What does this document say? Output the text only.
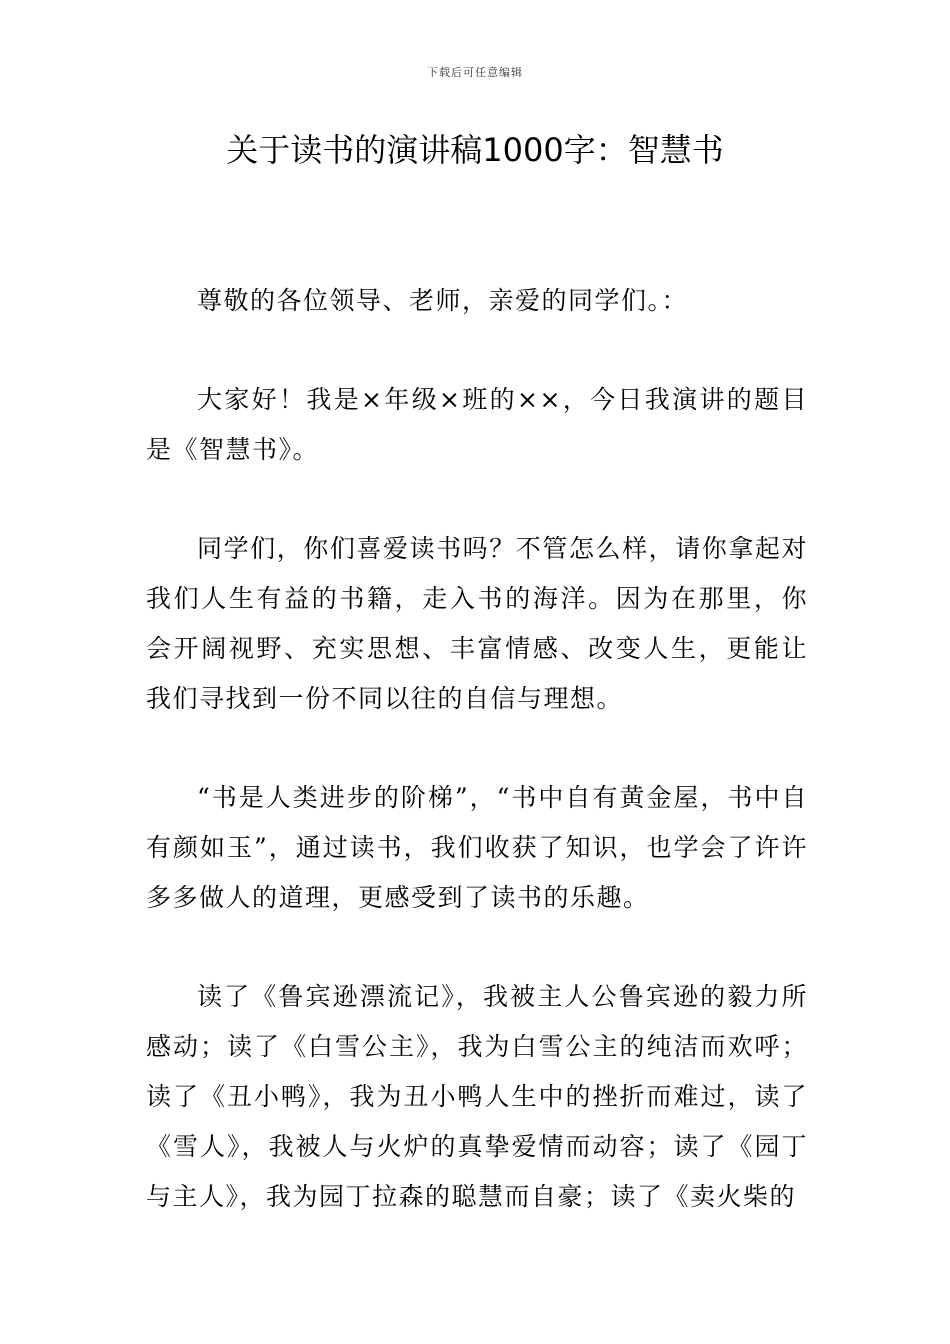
下载后可任意编辑
关于读书的演讲稿1000字：智慧书

尊敬的各位领导、老师，亲爱的同学们。：

大家好！我是×年级×班的××，今日我演讲的题目是《智慧书》。

同学们，你们喜爱读书吗？不管怎么样，请你拿起对我们人生有益的书籍，走入书的海洋。因为在那里，你会开阔视野、充实思想、丰富情感、改变人生，更能让我们寻找到一份不同以往的自信与理想。

“书是人类进步的阶梯”，“书中自有黄金屋，书中自有颜如玉”，通过读书，我们收获了知识，也学会了许许多多做人的道理，更感受到了读书的乐趣。

读了《鲁宾逊漂流记》，我被主人公鲁宾逊的毅力所感动；读了《白雪公主》，我为白雪公主的纯洁而欢呼；读了《丑小鸭》，我为丑小鸭人生中的挫折而难过，读了《雪人》，我被人与火炉的真挚爱情而动容；读了《园丁与主人》，我为园丁拉森的聪慧而自豪；读了《卖火柴的
